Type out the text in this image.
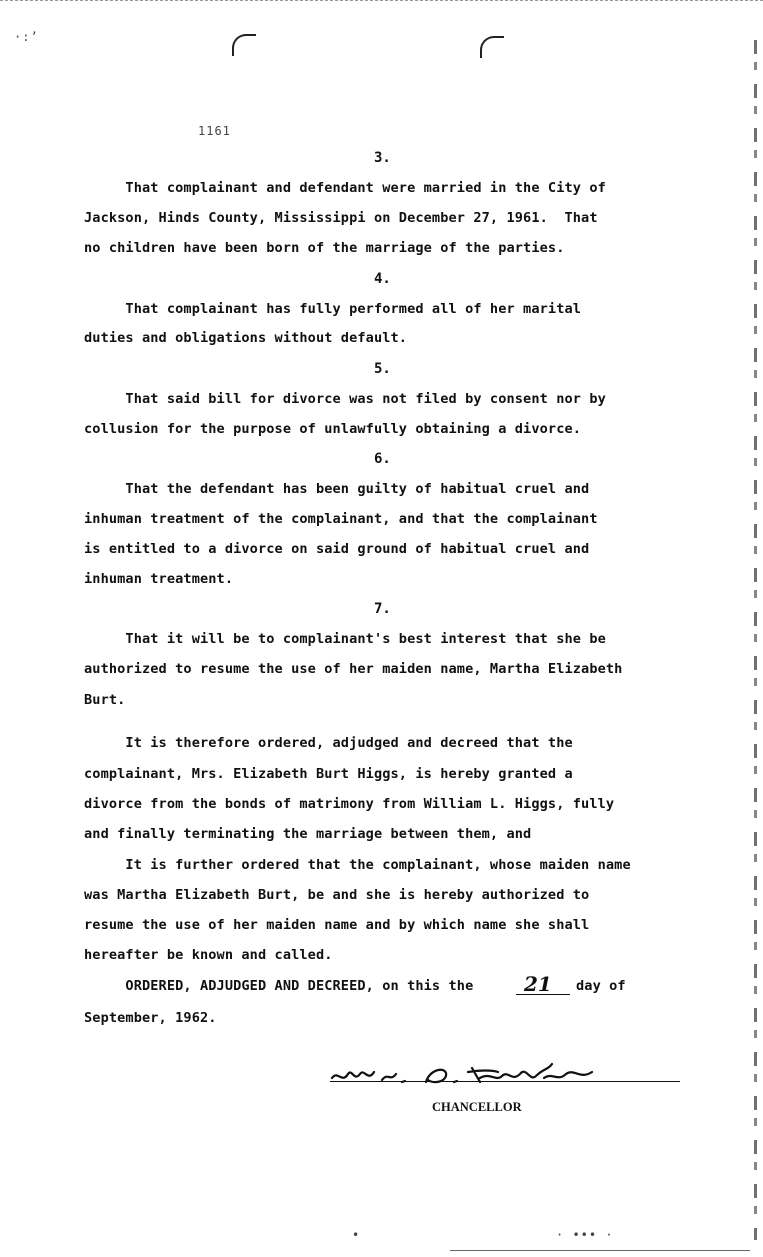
·:ʼ
1161
3.
That complainant and defendant were married in the City of
Jackson, Hinds County, Mississippi on December 27, 1961.  That
no children have been born of the marriage of the parties.
4.
That complainant has fully performed all of her marital
duties and obligations without default.
5.
That said bill for divorce was not filed by consent nor by
collusion for the purpose of unlawfully obtaining a divorce.
6.
That the defendant has been guilty of habitual cruel and
inhuman treatment of the complainant, and that the complainant
is entitled to a divorce on said ground of habitual cruel and
inhuman treatment.
7.
That it will be to complainant's best interest that she be
authorized to resume the use of her maiden name, Martha Elizabeth
Burt.
It is therefore ordered, adjudged and decreed that the
complainant, Mrs. Elizabeth Burt Higgs, is hereby granted a
divorce from the bonds of matrimony from William L. Higgs, fully
and finally terminating the marriage between them, and
It is further ordered that the complainant, whose maiden name
was Martha Elizabeth Burt, be and she is hereby authorized to
resume the use of her maiden name and by which name she shall
hereafter be known and called.
ORDERED, ADJUDGED AND DECREED, on this the	21 day of
September, 1962.
CHANCELLOR
•	· ••• ·
